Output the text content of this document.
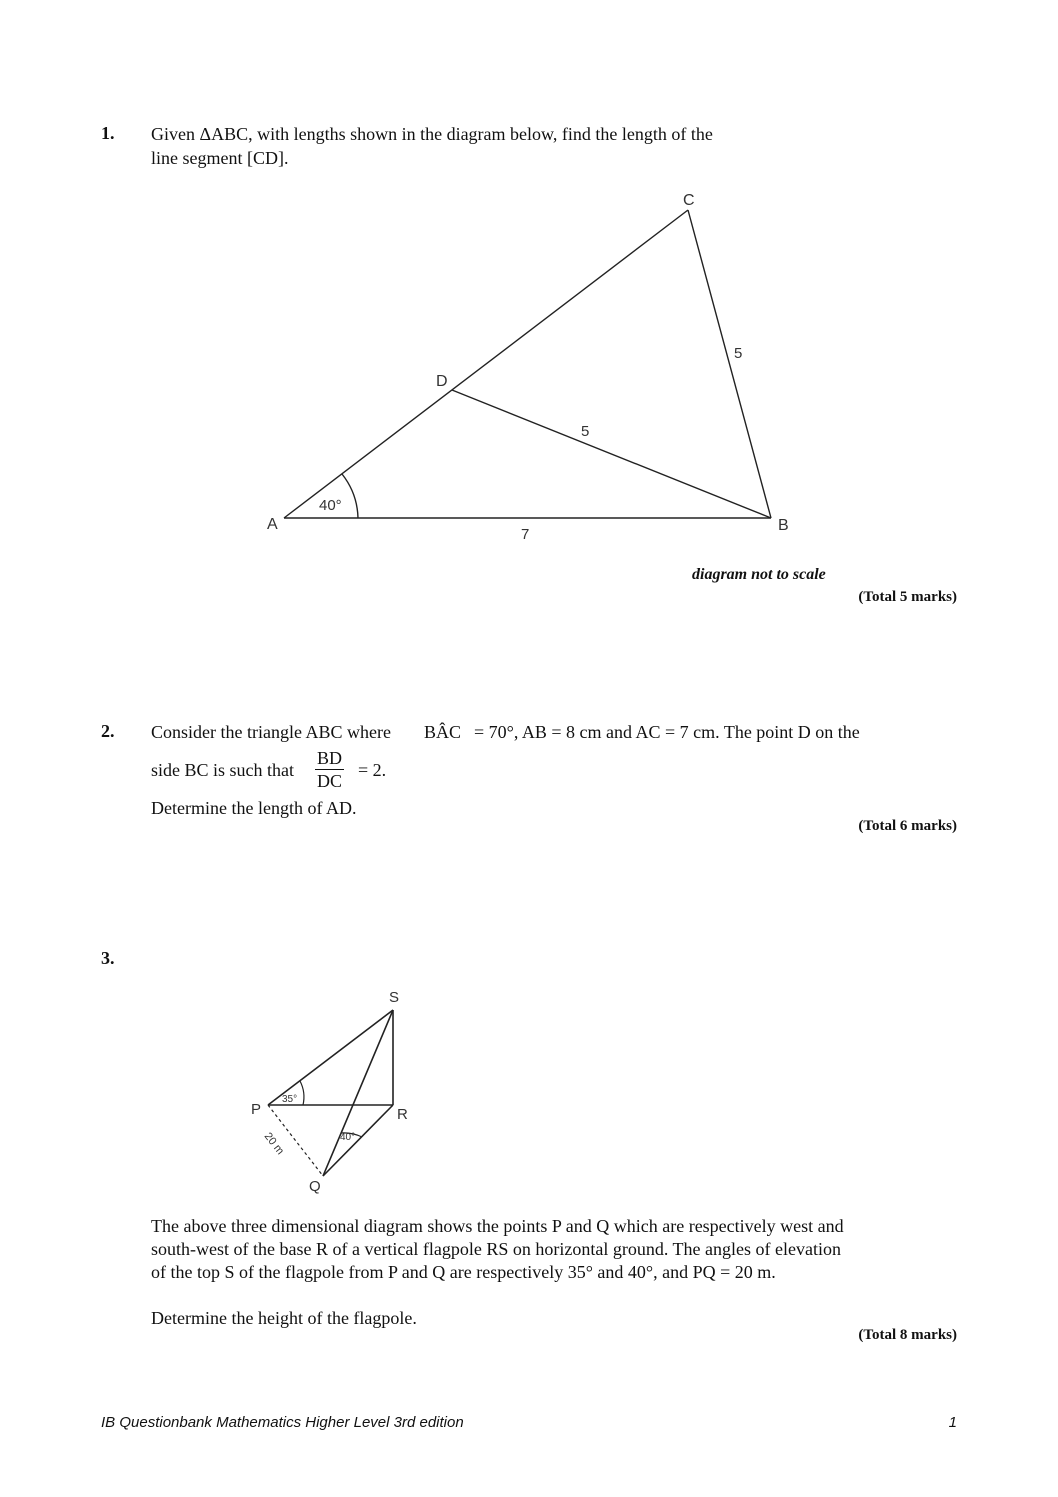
1. Given ΔABC, with lengths shown in the diagram below, find the length of the
line segment [CD].
A	B
C
D
40°
7
5
5
diagram not to scale
(Total 5 marks)
2. Consider the triangle ABC where BÂC = 70°, AB = 8 cm and AC = 7 cm. The point D on the
side BC is such that $\frac{BD}{DC} = 2$.
Determine the length of AD.
(Total 6 marks)
3.
S
P	R
Q
35°
40°
20 m
The above three dimensional diagram shows the points P and Q which are respectively west and
south-west of the base R of a vertical flagpole RS on horizontal ground. The angles of elevation
of the top S of the flagpole from P and Q are respectively 35° and 40°, and PQ = 20 m.
Determine the height of the flagpole.
(Total 8 marks)
IB Questionbank Mathematics Higher Level 3rd edition	1
